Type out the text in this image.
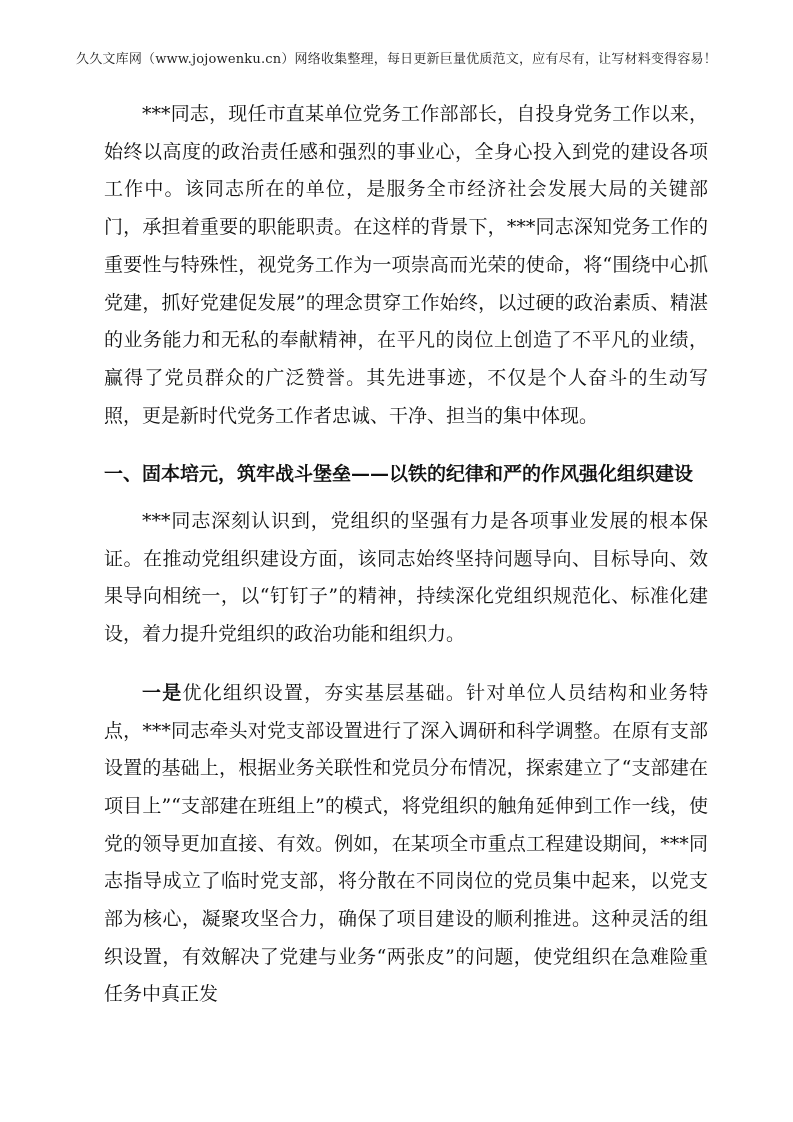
久久文库网（www.jojowenku.cn）网络收集整理，每日更新巨量优质范文，应有尽有，让写材料变得容易！

***同志，现任市直某单位党务工作部部长，自投身党务工作以来，始终以高度的政治责任感和强烈的事业心，全身心投入到党的建设各项工作中。该同志所在的单位，是服务全市经济社会发展大局的关键部门，承担着重要的职能职责。在这样的背景下，***同志深知党务工作的重要性与特殊性，视党务工作为一项崇高而光荣的使命，将“围绕中心抓党建，抓好党建促发展”的理念贯穿工作始终，以过硬的政治素质、精湛的业务能力和无私的奉献精神，在平凡的岗位上创造了不平凡的业绩，赢得了党员群众的广泛赞誉。其先进事迹，不仅是个人奋斗的生动写照，更是新时代党务工作者忠诚、干净、担当的集中体现。

一、固本培元，筑牢战斗堡垒——以铁的纪律和严的作风强化组织建设

***同志深刻认识到，党组织的坚强有力是各项事业发展的根本保证。在推动党组织建设方面，该同志始终坚持问题导向、目标导向、效果导向相统一，以“钉钉子”的精神，持续深化党组织规范化、标准化建设，着力提升党组织的政治功能和组织力。

一是优化组织设置，夯实基层基础。针对单位人员结构和业务特点，***同志牵头对党支部设置进行了深入调研和科学调整。在原有支部设置的基础上，根据业务关联性和党员分布情况，探索建立了“支部建在项目上”“支部建在班组上”的模式，将党组织的触角延伸到工作一线，使党的领导更加直接、有效。例如，在某项全市重点工程建设期间，***同志指导成立了临时党支部，将分散在不同岗位的党员集中起来，以党支部为核心，凝聚攻坚合力，确保了项目建设的顺利推进。这种灵活的组织设置，有效解决了党建与业务“两张皮”的问题，使党组织在急难险重任务中真正发
